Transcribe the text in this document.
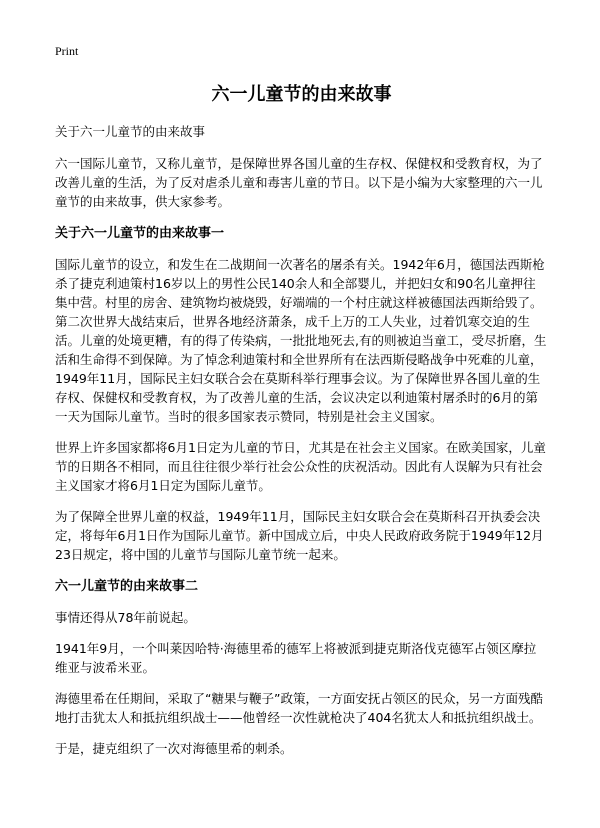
Print
六一儿童节的由来故事
关于六一儿童节的由来故事

六一国际儿童节，又称儿童节，是保障世界各国儿童的生存权、保健权和受教育权，为了改善儿童的生活，为了反对虐杀儿童和毒害儿童的节日。以下是小编为大家整理的六一儿童节的由来故事，供大家参考。

关于六一儿童节的由来故事一

国际儿童节的设立，和发生在二战期间一次著名的屠杀有关。1942年6月，德国法西斯枪杀了捷克利迪策村16岁以上的男性公民140余人和全部婴儿，并把妇女和90名儿童押往集中营。村里的房舍、建筑物均被烧毁，好端端的一个村庄就这样被德国法西斯给毁了。第二次世界大战结束后，世界各地经济萧条，成千上万的工人失业，过着饥寒交迫的生活。儿童的处境更糟，有的得了传染病，一批批地死去,有的则被迫当童工，受尽折磨，生活和生命得不到保障。为了悼念利迪策村和全世界所有在法西斯侵略战争中死难的儿童，1949年11月，国际民主妇女联合会在莫斯科举行理事会议。为了保障世界各国儿童的生存权、保健权和受教育权，为了改善儿童的生活，会议决定以利迪策村屠杀时的6月的第一天为国际儿童节。当时的很多国家表示赞同，特别是社会主义国家。

世界上许多国家都将6月1日定为儿童的节日，尤其是在社会主义国家。在欧美国家，儿童节的日期各不相同，而且往往很少举行社会公众性的庆祝活动。因此有人误解为只有社会主义国家才将6月1日定为国际儿童节。

为了保障全世界儿童的权益，1949年11月，国际民主妇女联合会在莫斯科召开执委会决定，将每年6月1日作为国际儿童节。新中国成立后，中央人民政府政务院于1949年12月23日规定，将中国的儿童节与国际儿童节统一起来。

六一儿童节的由来故事二

事情还得从78年前说起。

1941年9月，一个叫莱因哈特·海德里希的德军上将被派到捷克斯洛伐克德军占领区摩拉维亚与波希米亚。

海德里希在任期间，采取了“糖果与鞭子”政策，一方面安抚占领区的民众，另一方面残酷地打击犹太人和抵抗组织战士——他曾经一次性就枪决了404名犹太人和抵抗组织战士。

于是，捷克组织了一次对海德里希的刺杀。
